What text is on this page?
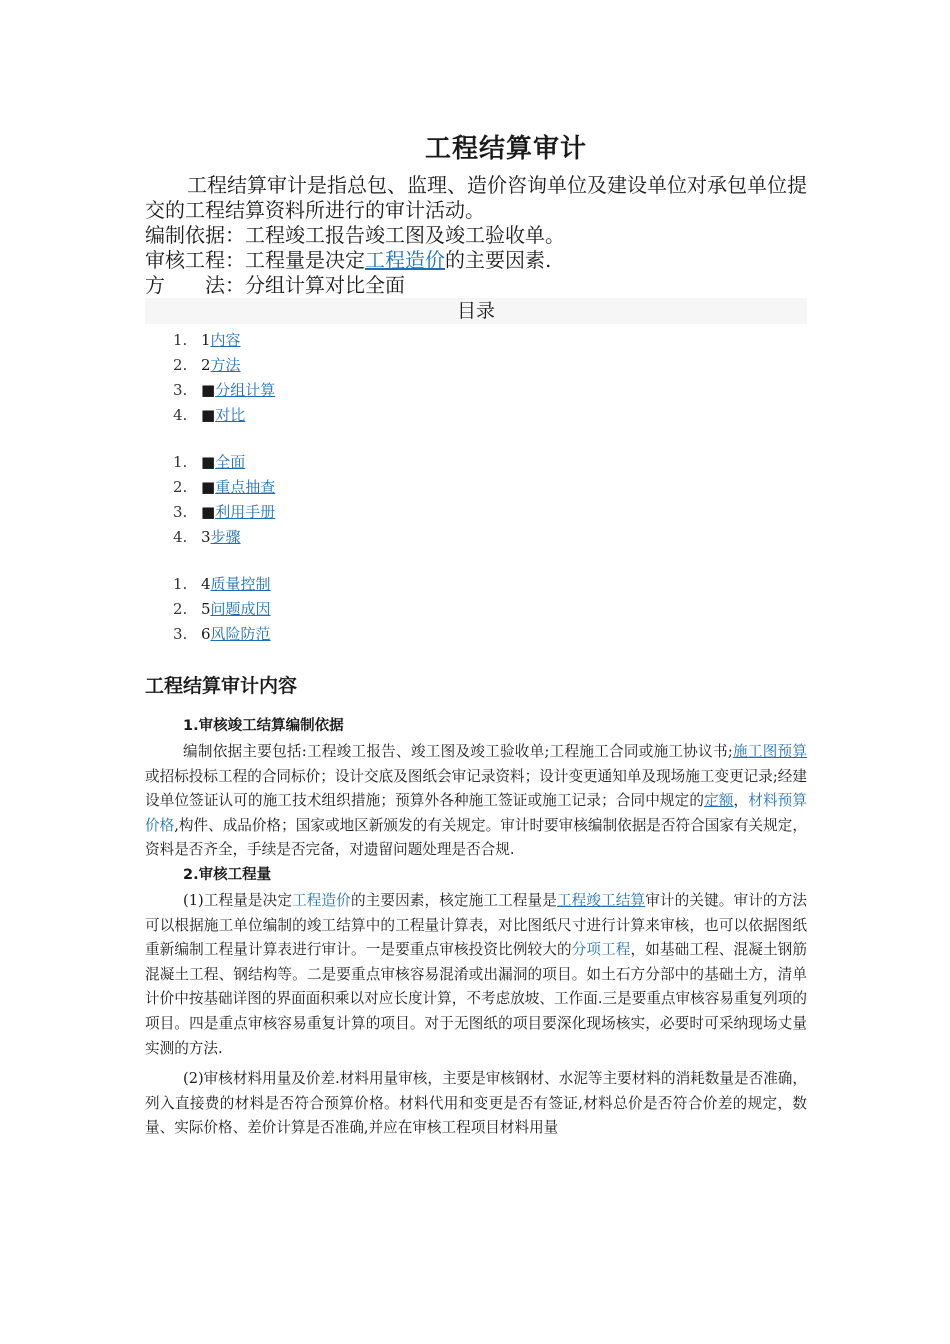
工程结算审计

工程结算审计是指总包、监理、造价咨询单位及建设单位对承包单位提交的工程结算资料所进行的审计活动。

编制依据：工程竣工报告竣工图及竣工验收单。

审核工程：工程量是决定工程造价的主要因素.

方　　法：分组计算对比全面

目录
1. 1内容
2. 2方法
3. ■分组计算
4. ■对比
1. ■全面
2. ■重点抽查
3. ■利用手册
4. 3步骤
1. 4质量控制
2. 5问题成因
3. 6风险防范
工程结算审计内容
1.审核竣工结算编制依据

编制依据主要包括:工程竣工报告、竣工图及竣工验收单;工程施工合同或施工协议书;施工图预算或招标投标工程的合同标价；设计交底及图纸会审记录资料；设计变更通知单及现场施工变更记录;经建设单位签证认可的施工技术组织措施；预算外各种施工签证或施工记录；合同中规定的定额，材料预算价格,构件、成品价格；国家或地区新颁发的有关规定。审计时要审核编制依据是否符合国家有关规定，资料是否齐全，手续是否完备，对遗留问题处理是否合规.

2.审核工程量

(1)工程量是决定工程造价的主要因素，核定施工工程量是工程竣工结算审计的关键。审计的方法可以根据施工单位编制的竣工结算中的工程量计算表，对比图纸尺寸进行计算来审核，也可以依据图纸重新编制工程量计算表进行审计。一是要重点审核投资比例较大的分项工程，如基础工程、混凝土钢筋混凝土工程、钢结构等。二是要重点审核容易混淆或出漏洞的项目。如土石方分部中的基础土方，清单计价中按基础详图的界面面积乘以对应长度计算，不考虑放坡、工作面.三是要重点审核容易重复列项的项目。四是重点审核容易重复计算的项目。对于无图纸的项目要深化现场核实，必要时可采纳现场丈量实测的方法.

(2)审核材料用量及价差.材料用量审核，主要是审核钢材、水泥等主要材料的消耗数量是否准确，列入直接费的材料是否符合预算价格。材料代用和变更是否有签证,材料总价是否符合价差的规定，数量、实际价格、差价计算是否准确,并应在审核工程项目材料用量
